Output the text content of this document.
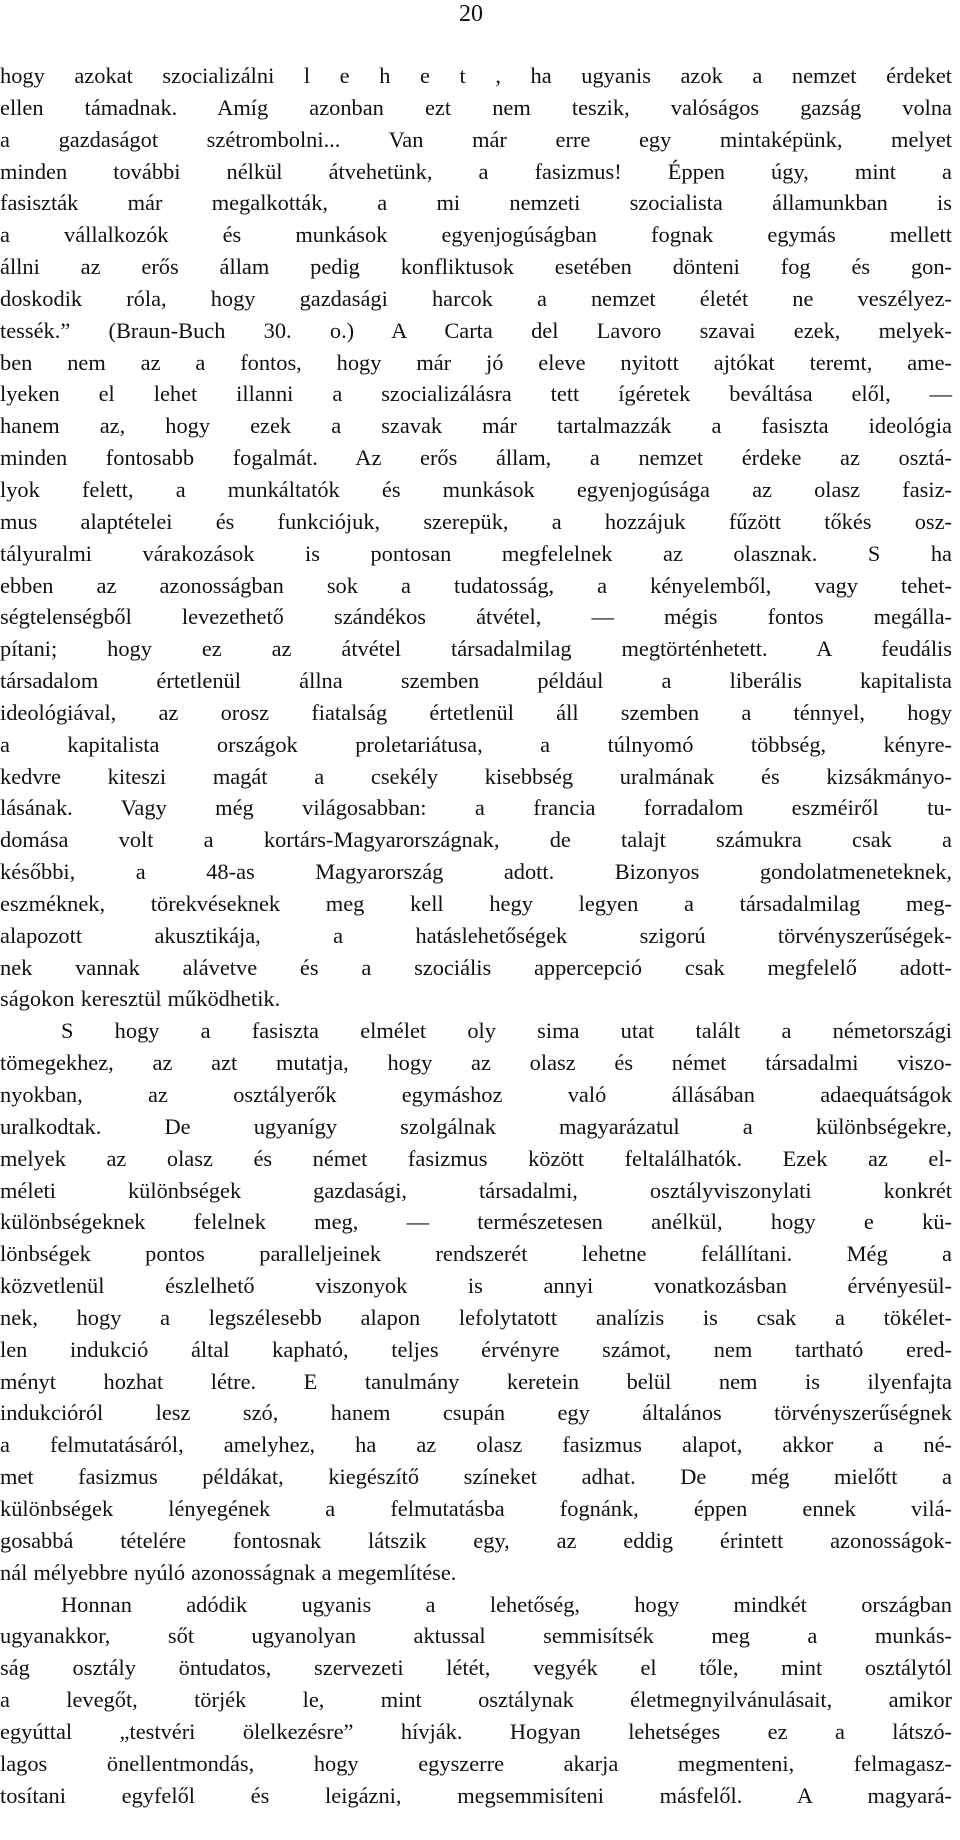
20
hogy azokat szocializálni l e h e t , ha ugyanis azok a nemzet érdeket
ellen támadnak. Amíg azonban ezt nem teszik, valóságos gazság volna
a gazdaságot szétrombolni... Van már erre egy mintaképünk, melyet
minden további nélkül átvehetünk, a fasizmus! Éppen úgy, mint a
fasiszták már megalkották, a mi nemzeti szocialista államunkban is
a vállalkozók és munkások egyenjogúságban fognak egymás mellett
állni az erős állam pedig konfliktusok esetében dönteni fog és gon-
doskodik róla, hogy gazdasági harcok a nemzet életét ne veszélyez-
tessék.” (Braun-Buch 30. o.) A Carta del Lavoro szavai ezek, melyek-
ben nem az a fontos, hogy már jó eleve nyitott ajtókat teremt, ame-
lyeken el lehet illanni a szocializálásra tett ígéretek beváltása elől, —
hanem az, hogy ezek a szavak már tartalmazzák a fasiszta ideológia
minden fontosabb fogalmát. Az erős állam, a nemzet érdeke az osztá-
lyok felett, a munkáltatók és munkások egyenjogúsága az olasz fasiz-
mus alaptételei és funkciójuk, szerepük, a hozzájuk fűzött tőkés osz-
tályuralmi várakozások is pontosan megfelelnek az olasznak. S ha
ebben az azonosságban sok a tudatosság, a kényelemből, vagy tehet-
ségtelenségből levezethető szándékos átvétel, — mégis fontos megálla-
pítani; hogy ez az átvétel társadalmilag megtörténhetett. A feudális
társadalom értetlenül állna szemben például a liberális kapitalista
ideológiával, az orosz fiatalság értetlenül áll szemben a ténnyel, hogy
a kapitalista országok proletariátusa, a túlnyomó többség, kényre-
kedvre kiteszi magát a csekély kisebbség uralmának és kizsákmányo-
lásának. Vagy még világosabban: a francia forradalom eszméiről tu-
domása volt a kortárs-Magyarországnak, de talajt számukra csak a
későbbi, a 48-as Magyarország adott. Bizonyos gondolatmeneteknek,
eszméknek, törekvéseknek meg kell hegy legyen a társadalmilag meg-
alapozott akusztikája, a hatáslehetőségek szigorú törvényszerűségek-
nek vannak alávetve és a szociális appercepció csak megfelelő adott-
ságokon keresztül működhetik.
S hogy a fasiszta elmélet oly sima utat talált a németországi
tömegekhez, az azt mutatja, hogy az olasz és német társadalmi viszo-
nyokban, az osztályerők egymáshoz való állásában adaequátságok
uralkodtak. De ugyanígy szolgálnak magyarázatul a különbségekre,
melyek az olasz és német fasizmus között feltalálhatók. Ezek az el-
méleti különbségek gazdasági, társadalmi, osztályviszonylati konkrét
különbségeknek felelnek meg, — természetesen anélkül, hogy e kü-
lönbségek pontos paralleljeinek rendszerét lehetne felállítani. Még a
közvetlenül észlelhető viszonyok is annyi vonatkozásban érvényesül-
nek, hogy a legszélesebb alapon lefolytatott analízis is csak a tökélet-
len indukció által kapható, teljes érvényre számot, nem tartható ered-
ményt hozhat létre. E tanulmány keretein belül nem is ilyenfajta
indukcióról lesz szó, hanem csupán egy általános törvényszerűségnek
a felmutatásáról, amelyhez, ha az olasz fasizmus alapot, akkor a né-
met fasizmus példákat, kiegészítő színeket adhat. De még mielőtt a
különbségek lényegének a felmutatásba fognánk, éppen ennek vilá-
gosabbá tételére fontosnak látszik egy, az eddig érintett azonosságok-
nál mélyebbre nyúló azonosságnak a megemlítése.
Honnan adódik ugyanis a lehetőség, hogy mindkét országban
ugyanakkor, sőt ugyanolyan aktussal semmisítsék meg a munkás-
ság osztály öntudatos, szervezeti létét, vegyék el tőle, mint osztálytól
a levegőt, törjék le, mint osztálynak életmegnyilvánulásait, amikor
egyúttal „testvéri ölelkezésre” hívják. Hogyan lehetséges ez a látszó-
lagos önellentmondás, hogy egyszerre akarja megmenteni, felmagasz-
tosítani egyfelől és leigázni, megsemmisíteni másfelől. A magyará-
